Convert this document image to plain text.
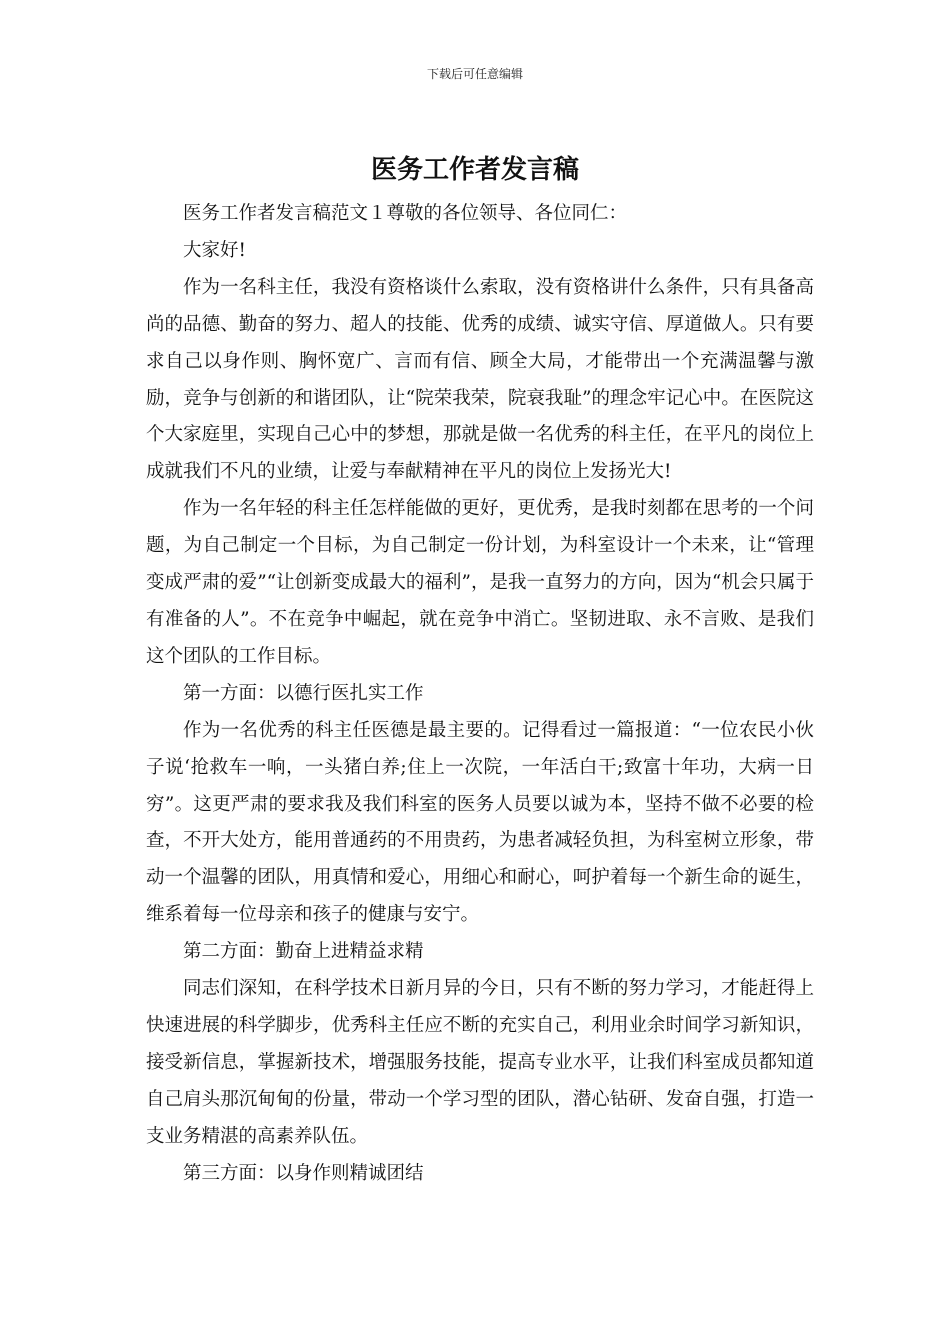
下载后可任意编辑
医务工作者发言稿

医务工作者发言稿范文１尊敬的各位领导、各位同仁：

大家好!

作为一名科主任，我没有资格谈什么索取，没有资格讲什么条件，只有具备高尚的品德、勤奋的努力、超人的技能、优秀的成绩、诚实守信、厚道做人。只有要求自己以身作则、胸怀宽广、言而有信、顾全大局，才能带出一个充满温馨与激励，竞争与创新的和谐团队，让“院荣我荣，院衰我耻”的理念牢记心中。在医院这个大家庭里，实现自己心中的梦想，那就是做一名优秀的科主任，在平凡的岗位上成就我们不凡的业绩，让爱与奉献精神在平凡的岗位上发扬光大!

作为一名年轻的科主任怎样能做的更好，更优秀，是我时刻都在思考的一个问题，为自己制定一个目标，为自己制定一份计划，为科室设计一个未来，让“管理变成严肃的爱”“让创新变成最大的福利”，是我一直努力的方向，因为“机会只属于有准备的人”。不在竞争中崛起，就在竞争中消亡。坚韧进取、永不言败、是我们这个团队的工作目标。

第一方面：以德行医扎实工作

作为一名优秀的科主任医德是最主要的。记得看过一篇报道：“一位农民小伙子说‘抢救车一响，一头猪白养;住上一次院，一年活白干;致富十年功，大病一日穷”。这更严肃的要求我及我们科室的医务人员要以诚为本，坚持不做不必要的检查，不开大处方，能用普通药的不用贵药，为患者减轻负担，为科室树立形象，带动一个温馨的团队，用真情和爱心，用细心和耐心，呵护着每一个新生命的诞生，维系着每一位母亲和孩子的健康与安宁。

第二方面：勤奋上进精益求精

同志们深知，在科学技术日新月异的今日，只有不断的努力学习，才能赶得上快速进展的科学脚步，优秀科主任应不断的充实自己，利用业余时间学习新知识，接受新信息，掌握新技术，增强服务技能，提高专业水平，让我们科室成员都知道自己肩头那沉甸甸的份量，带动一个学习型的团队，潜心钻研、发奋自强，打造一支业务精湛的高素养队伍。

第三方面：以身作则精诚团结
